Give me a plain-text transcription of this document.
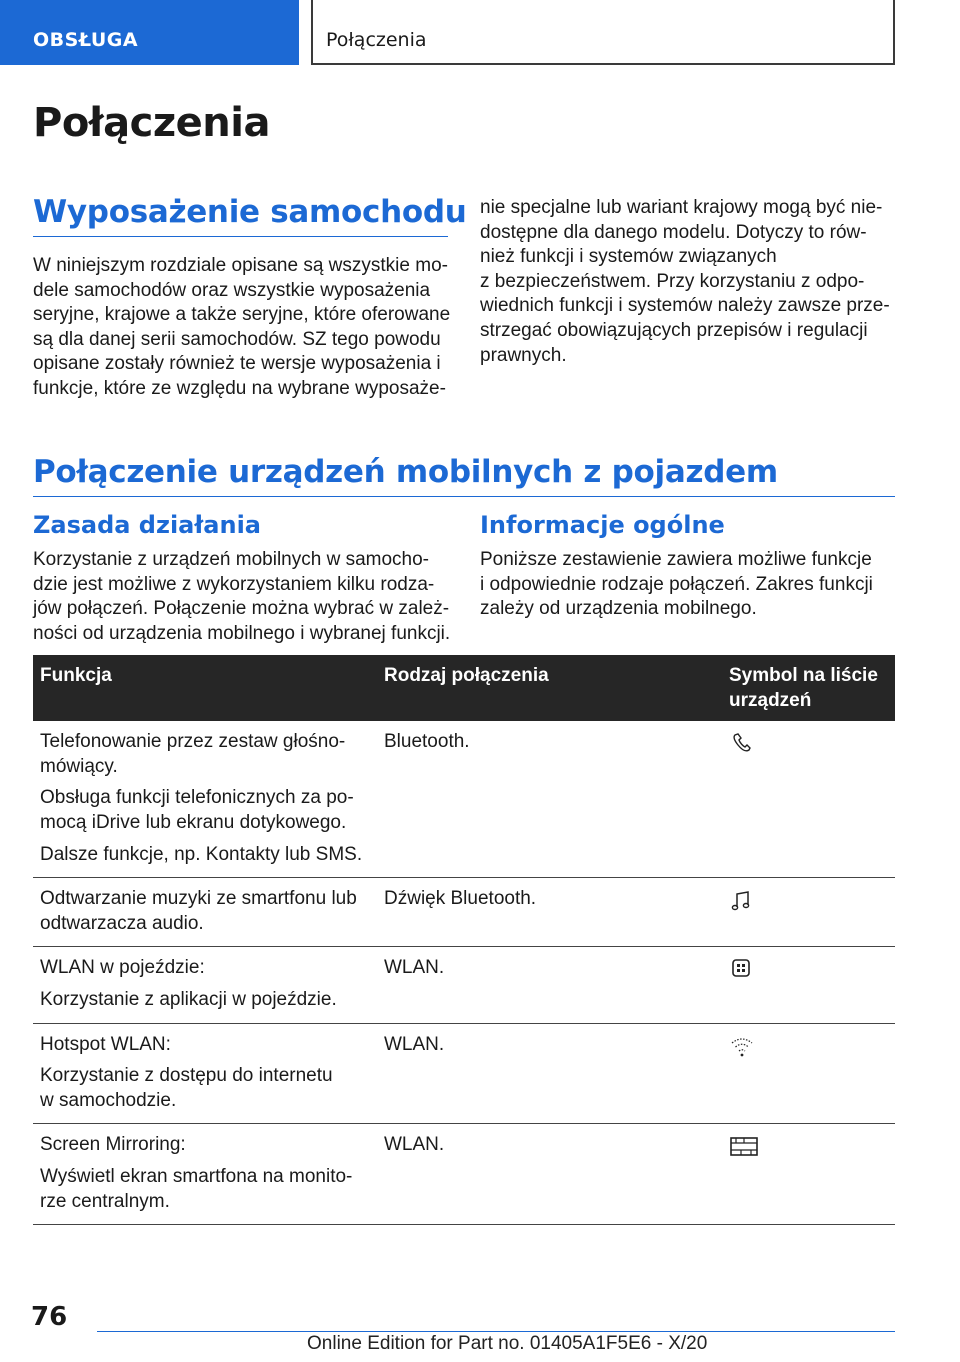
OBSŁUGA	Połączenia
Połączenia
Wyposażenie samochodu
W niniejszym rozdziale opisane są wszystkie mo-
dele samochodów oraz wszystkie wyposażenia
seryjne, krajowe a także seryjne, które oferowane
są dla danej serii samochodów. SZ tego powodu
opisane zostały również te wersje wyposażenia i
funkcje, które ze względu na wybrane wyposaże-
nie specjalne lub wariant krajowy mogą być nie-
dostępne dla danego modelu. Dotyczy to rów-
nież funkcji i systemów związanych
z bezpieczeństwem. Przy korzystaniu z odpo-
wiednich funkcji i systemów należy zawsze prze-
strzegać obowiązujących przepisów i regulacji
prawnych.
Połączenie urządzeń mobilnych z pojazdem
Zasada działania
Korzystanie z urządzeń mobilnych w samocho-
dzie jest możliwe z wykorzystaniem kilku rodza-
jów połączeń. Połączenie można wybrać w zależ-
ności od urządzenia mobilnego i wybranej funkcji.
Informacje ogólne
Poniższe zestawienie zawiera możliwe funkcje
i odpowiednie rodzaje połączeń. Zakres funkcji
zależy od urządzenia mobilnego.
Funkcja	Rodzaj połączenia	Symbol na liście
urządzeń

Telefonowanie przez zestaw głośno-
mówiący.

Obsługa funkcji telefonicznych za po-
mocą iDrive lub ekranu dotykowego.

Dalsze funkcje, np. Kontakty lub SMS.	Bluetooth.	

Odtwarzanie muzyki ze smartfonu lub
odtwarzacza audio.	Dźwięk Bluetooth.	

WLAN w pojeździe:

Korzystanie z aplikacji w pojeździe.	WLAN.	

Hotspot WLAN:

Korzystanie z dostępu do internetu
w samochodzie.	WLAN.	

Screen Mirroring:

Wyświetl ekran smartfona na monito-
rze centralnym.	WLAN.	
76
Online Edition for Part no. 01405A1F5E6 - X/20
